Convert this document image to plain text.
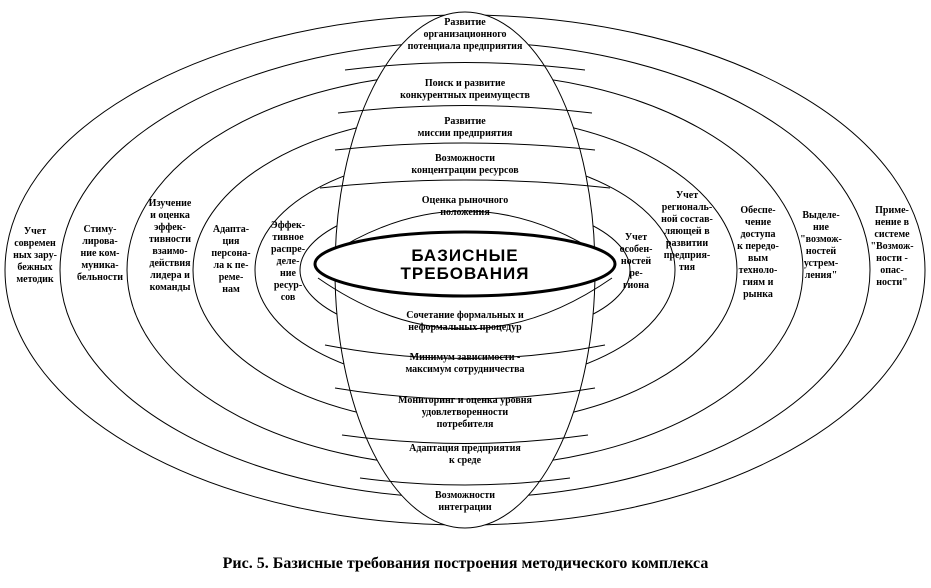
БАЗИСНЫЕ
ТРЕБОВАНИЯ
Развитие
организационного
потенциала предприятия
Поиск и развитие
конкурентных преимуществ
Развитие
миссии предприятия
Возможности
концентрации ресурсов
Оценка рыночного
положения
Сочетание формальных и
неформальных процедур
Минимум зависимости -
максимум сотрудничества
Мониторинг и оценка уровня
удовлетворенности
потребителя
Адаптация предприятия
к среде
Возможности
интеграции
Учет
современ
ных зару-
бежных
методик
Стиму-
лирова-
ние ком-
муника-
бельности
Изучение
и оценка
эффек-
тивности
взаимо-
действия
лидера и
команды
Адапта-
ция
персона-
ла к пе-
реме-
нам
Эффек-
тивное
распре-
деле-
ние
ресур-
сов
Учет
особен-
ностей
ре-
гиона
Учет
региональ-
ной состав-
ляющей в
развитии
предприя-
тия
Обеспе-
чение
доступа
к передо-
вым
техноло-
гиям и
рынка
Выделе-
ние
"возмож-
ностей
устрем-
ления"
Приме-
нение в
системе
"Возмож-
ности -
опас-
ности"
Рис. 5. Базисные требования построения методического комплекса
